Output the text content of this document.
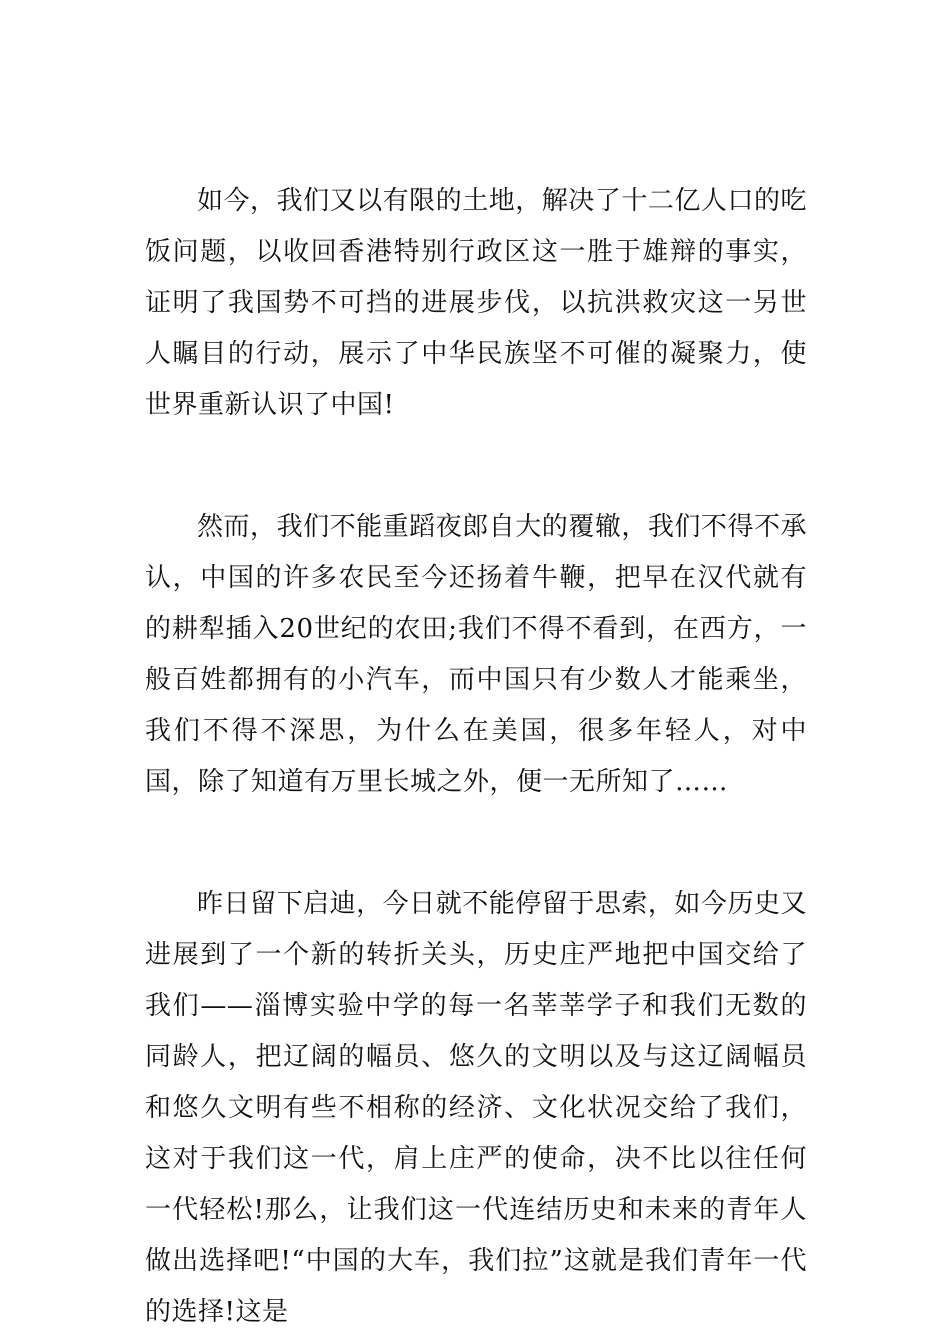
如今，我们又以有限的土地，解决了十二亿人口的吃饭问题，以收回香港特别行政区这一胜于雄辩的事实，证明了我国势不可挡的进展步伐，以抗洪救灾这一另世人瞩目的行动，展示了中华民族坚不可催的凝聚力，使世界重新认识了中国!

然而，我们不能重蹈夜郎自大的覆辙，我们不得不承认，中国的许多农民至今还扬着牛鞭，把早在汉代就有的耕犁插入20世纪的农田;我们不得不看到，在西方，一般百姓都拥有的小汽车，而中国只有少数人才能乘坐，我们不得不深思，为什么在美国，很多年轻人，对中国，除了知道有万里长城之外，便一无所知了……

昨日留下启迪，今日就不能停留于思索，如今历史又进展到了一个新的转折关头，历史庄严地把中国交给了我们——淄博实验中学的每一名莘莘学子和我们无数的同龄人，把辽阔的幅员、悠久的文明以及与这辽阔幅员和悠久文明有些不相称的经济、文化状况交给了我们，这对于我们这一代，肩上庄严的使命，决不比以往任何一代轻松!那么，让我们这一代连结历史和未来的青年人做出选择吧!“中国的大车，我们拉”这就是我们青年一代的选择!这是
